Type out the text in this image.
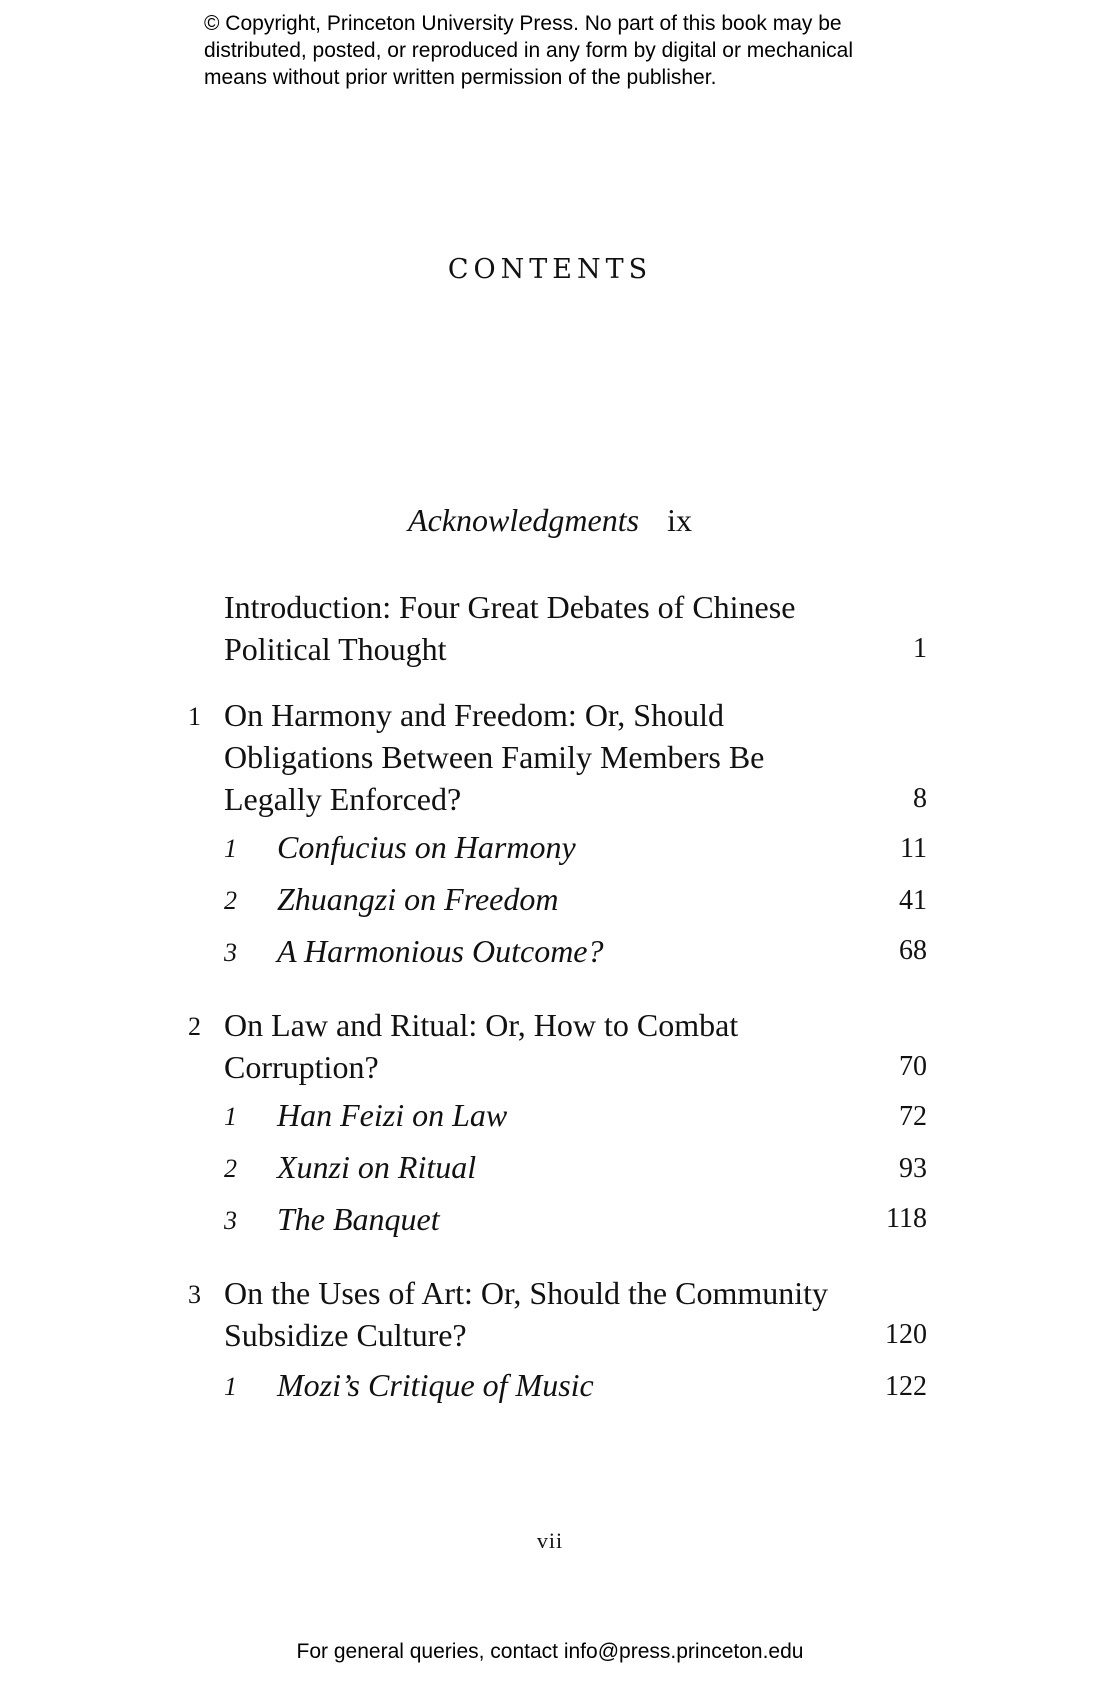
© Copyright, Princeton University Press. No part of this book may be
distributed, posted, or reproduced in any form by digital or mechanical
means without prior written permission of the publisher.
CONTENTS
Acknowledgments ix
Introduction: Four Great Debates of Chinese
Political Thought	1
1 On Harmony and Freedom: Or, Should
Obligations Between Family Members Be
Legally Enforced?	8
1 Confucius on Harmony	11
2 Zhuangzi on Freedom	41
3 A Harmonious Outcome?	68
2 On Law and Ritual: Or, How to Combat
Corruption?	70
1 Han Feizi on Law	72
2 Xunzi on Ritual	93
3 The Banquet	118
3 On the Uses of Art: Or, Should the Community
Subsidize Culture?	120
1 Mozi’s Critique of Music	122
vii
For general queries, contact info@press.princeton.edu
